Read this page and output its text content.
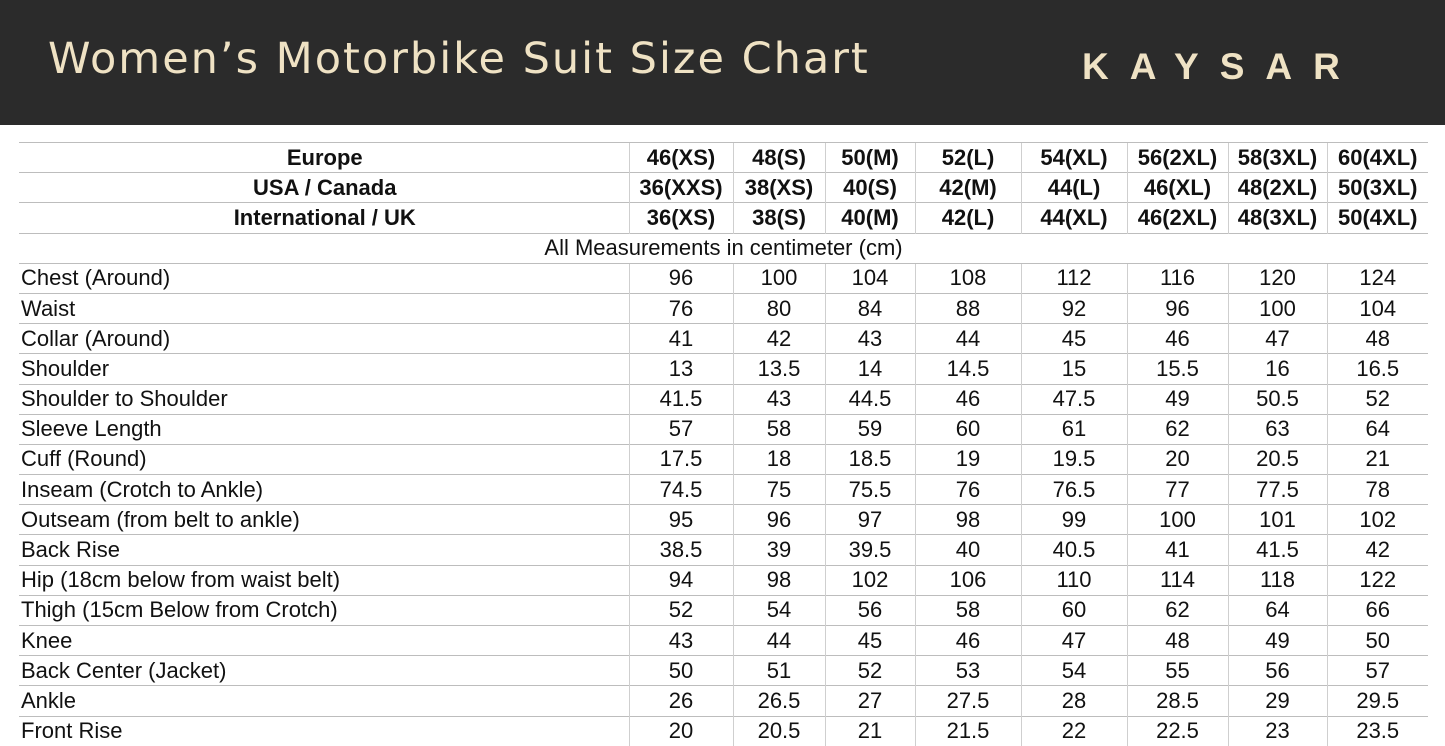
Women’s Motorbike Suit Size Chart	KAYSAR
Europe	46(XS)	48(S)	50(M)	52(L)	54(XL)	56(2XL)	58(3XL)	60(4XL)
USA / Canada	36(XXS)	38(XS)	40(S)	42(M)	44(L)	46(XL)	48(2XL)	50(3XL)
International / UK	36(XS)	38(S)	40(M)	42(L)	44(XL)	46(2XL)	48(3XL)	50(4XL)
All Measurements in centimeter (cm)								
Chest (Around)	96	100	104	108	112	116	120	124
Waist	76	80	84	88	92	96	100	104
Collar (Around)	41	42	43	44	45	46	47	48
Shoulder	13	13.5	14	14.5	15	15.5	16	16.5
Shoulder to Shoulder	41.5	43	44.5	46	47.5	49	50.5	52
Sleeve Length	57	58	59	60	61	62	63	64
Cuff (Round)	17.5	18	18.5	19	19.5	20	20.5	21
Inseam (Crotch to Ankle)	74.5	75	75.5	76	76.5	77	77.5	78
Outseam (from belt to ankle)	95	96	97	98	99	100	101	102
Back Rise	38.5	39	39.5	40	40.5	41	41.5	42
Hip (18cm below from waist belt)	94	98	102	106	110	114	118	122
Thigh (15cm Below from Crotch)	52	54	56	58	60	62	64	66
Knee	43	44	45	46	47	48	49	50
Back Center (Jacket)	50	51	52	53	54	55	56	57
Ankle	26	26.5	27	27.5	28	28.5	29	29.5
Front Rise	20	20.5	21	21.5	22	22.5	23	23.5
